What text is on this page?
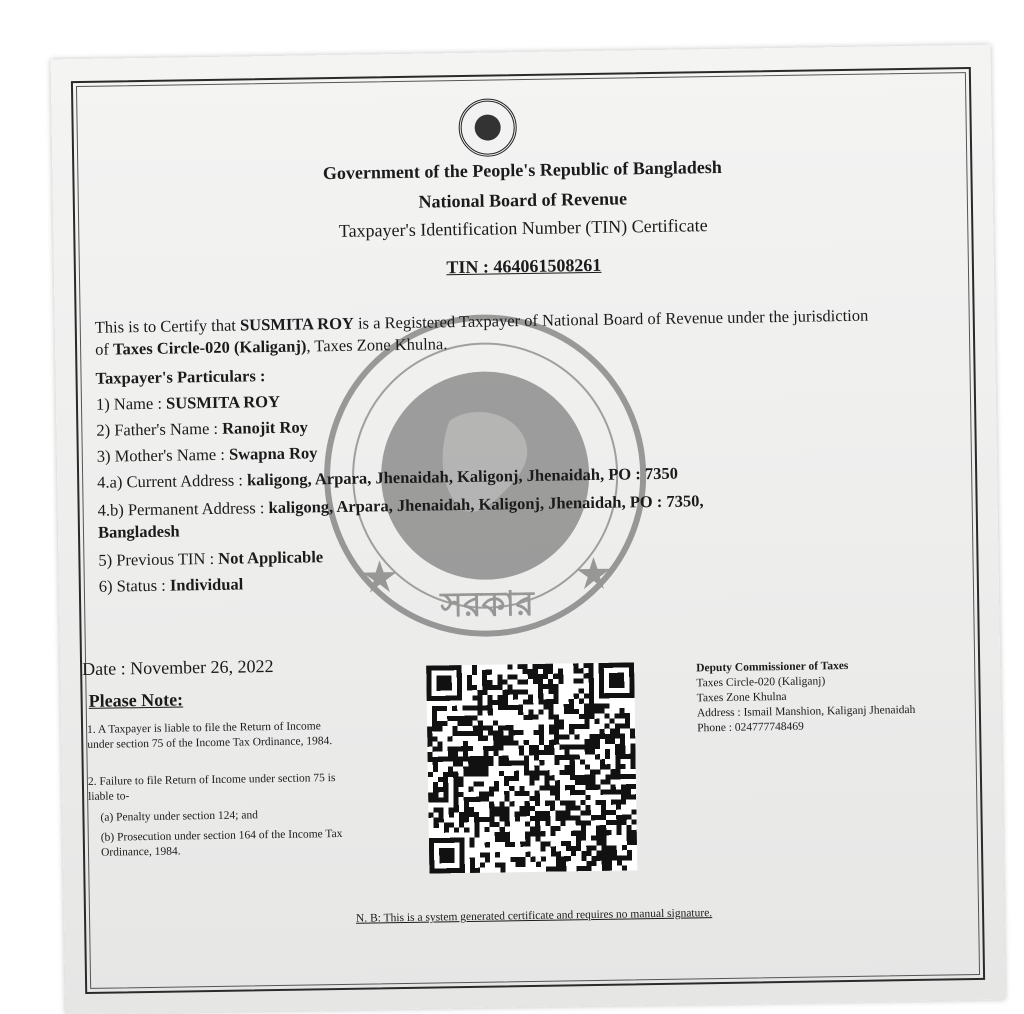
সরকার
Government of the People's Republic of Bangladesh
National Board of Revenue
Taxpayer's Identification Number (TIN) Certificate
TIN : 464061508261
This is to Certify that SUSMITA ROY is a Registered Taxpayer of National Board of Revenue under the jurisdiction of Taxes Circle-020 (Kaliganj), Taxes Zone Khulna.
Taxpayer's Particulars :
1) Name : SUSMITA ROY
2) Father's Name : Ranojit Roy
3) Mother's Name : Swapna Roy
4.a) Current Address : kaligong, Arpara, Jhenaidah, Kaligonj, Jhenaidah, PO : 7350
4.b) Permanent Address : kaligong, Arpara, Jhenaidah, Kaligonj, Jhenaidah, PO : 7350,
Bangladesh
5) Previous TIN : Not Applicable
6) Status : Individual
Date : November 26, 2022
Please Note:
1. A Taxpayer is liable to file the Return of Income under section 75 of the Income Tax Ordinance, 1984.
2. Failure to file Return of Income under section 75 is liable to-
(a) Penalty under section 124; and
(b) Prosecution under section 164 of the Income Tax Ordinance, 1984.
Deputy Commissioner of Taxes
Taxes Circle-020 (Kaliganj)
Taxes Zone Khulna
Address : Ismail Manshion, Kaliganj Jhenaidah
Phone : 024777748469
N. B: This is a system generated certificate and requires no manual signature.
